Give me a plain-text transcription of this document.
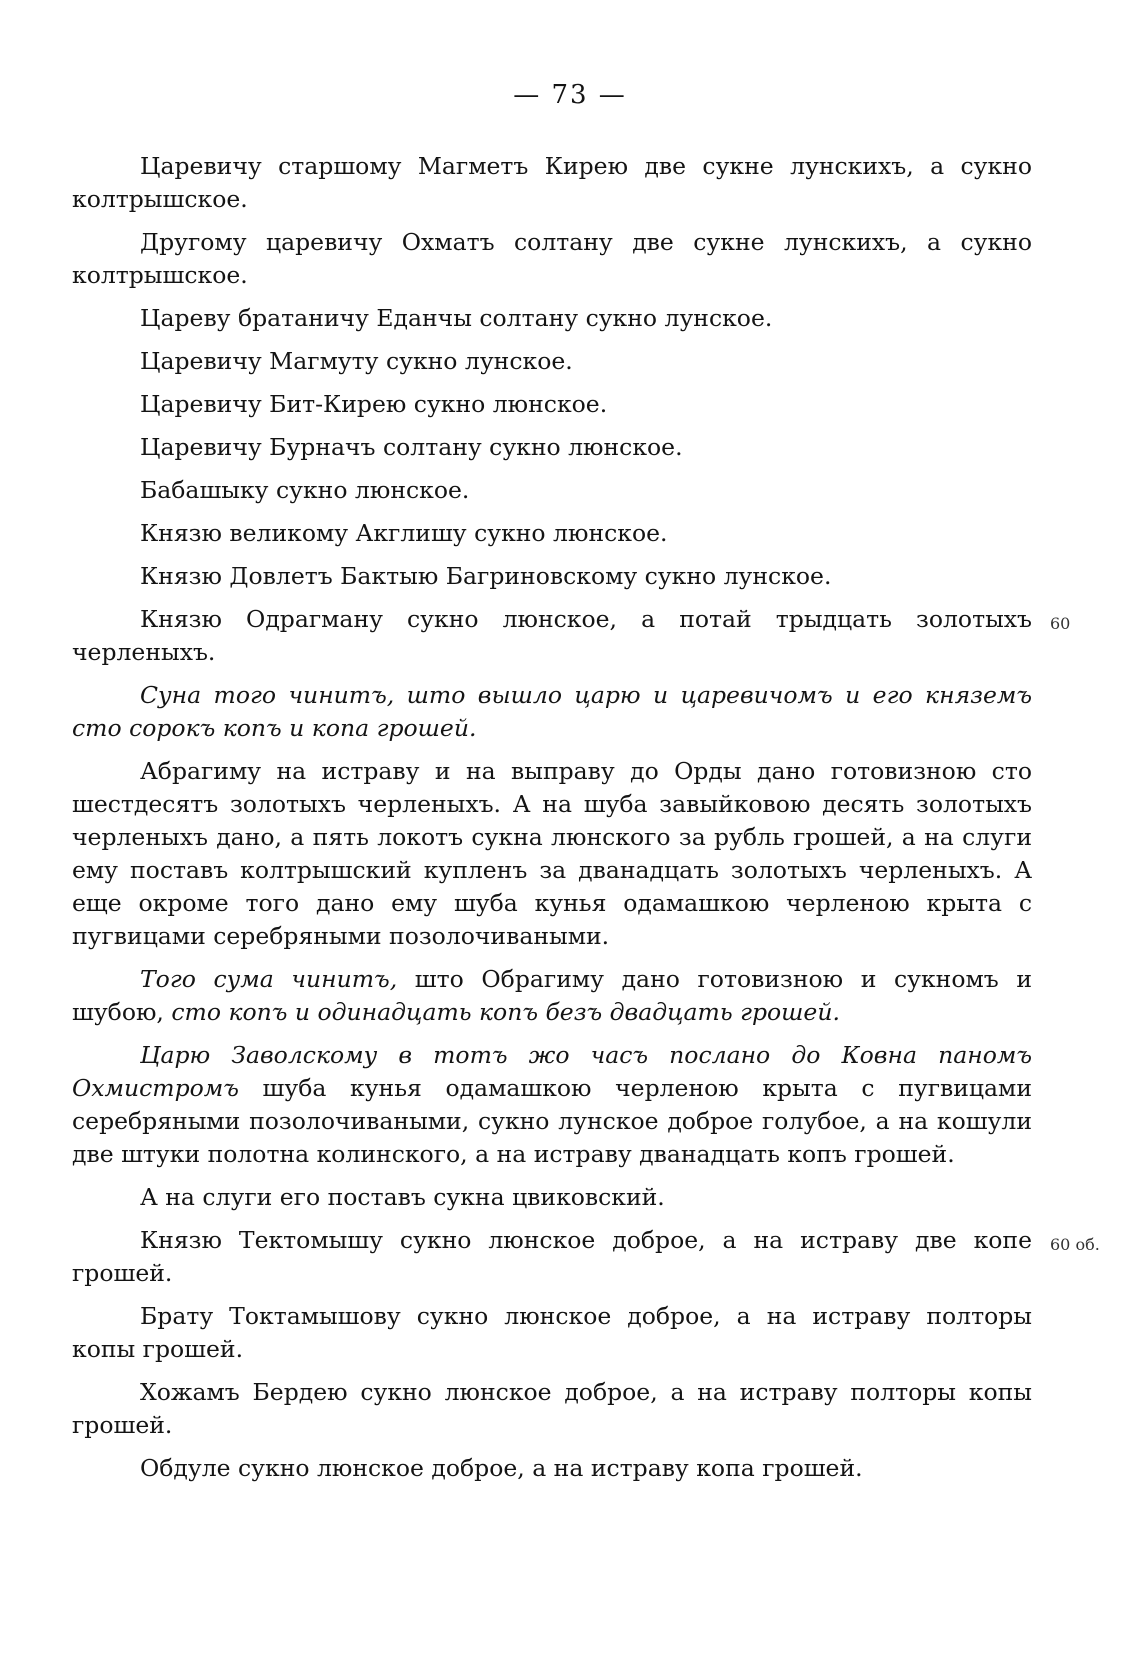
— 73 —

Царевичу старшому Магметъ Кирею две сукне лунскихъ, а сукно колтрышское.

Другому царевичу Охматъ солтану две сукне лунскихъ, а сукно колтрышское.

Цареву братаничу Еданчы солтану сукно лунское.

Царевичу Магмуту сукно лунское.

Царевичу Бит-Кирею сукно люнское.

Царевичу Бурначъ солтану сукно люнское.

Бабашыку сукно люнское.

Князю великому Акглишу сукно люнское.

Князю Довлетъ Бактыю Багриновскому сукно лунское.

Князю Одрагману сукно люнское, а потай трыдцать золотыхъ черленыхъ.
60

Суна того чинитъ, што вышло царю и царевичомъ и его княземъ сто сорокъ копъ и копа грошей.

Абрагиму на истраву и на выправу до Орды дано готовизною сто шестдесятъ золотыхъ черленыхъ. А на шуба завыйковою десять золотыхъ черленыхъ дано, а пять локотъ сукна люнского за рубль грошей, а на слуги ему поставъ колтрышский купленъ за дванадцать золотыхъ черленыхъ. А еще окроме того дано ему шуба кунья одамашкою черленою крыта с пугвицами серебряными позолочиваными.

Того сума чинитъ, што Обрагиму дано готовизною и сукномъ и шубою, сто копъ и одинадцать копъ безъ двадцать грошей.

Царю Заволскому в тотъ жо часъ послано до Ковна паномъ Охмистромъ шуба кунья одамашкою черленою крыта с пугвицами серебряными позолочиваными, сукно лунское доброе голубое, а на кошули две штуки полотна колинского, а на истраву дванадцать копъ грошей.

А на слуги его поставъ сукна цвиковский.

Князю Тектомышу сукно люнское доброе, а на истраву две копе грошей.
60 об.

Брату Токтамышову сукно люнское доброе, а на истраву полторы копы грошей.

Хожамъ Бердею сукно люнское доброе, а на истраву полторы копы грошей.

Обдуле сукно люнское доброе, а на истраву копа грошей.
